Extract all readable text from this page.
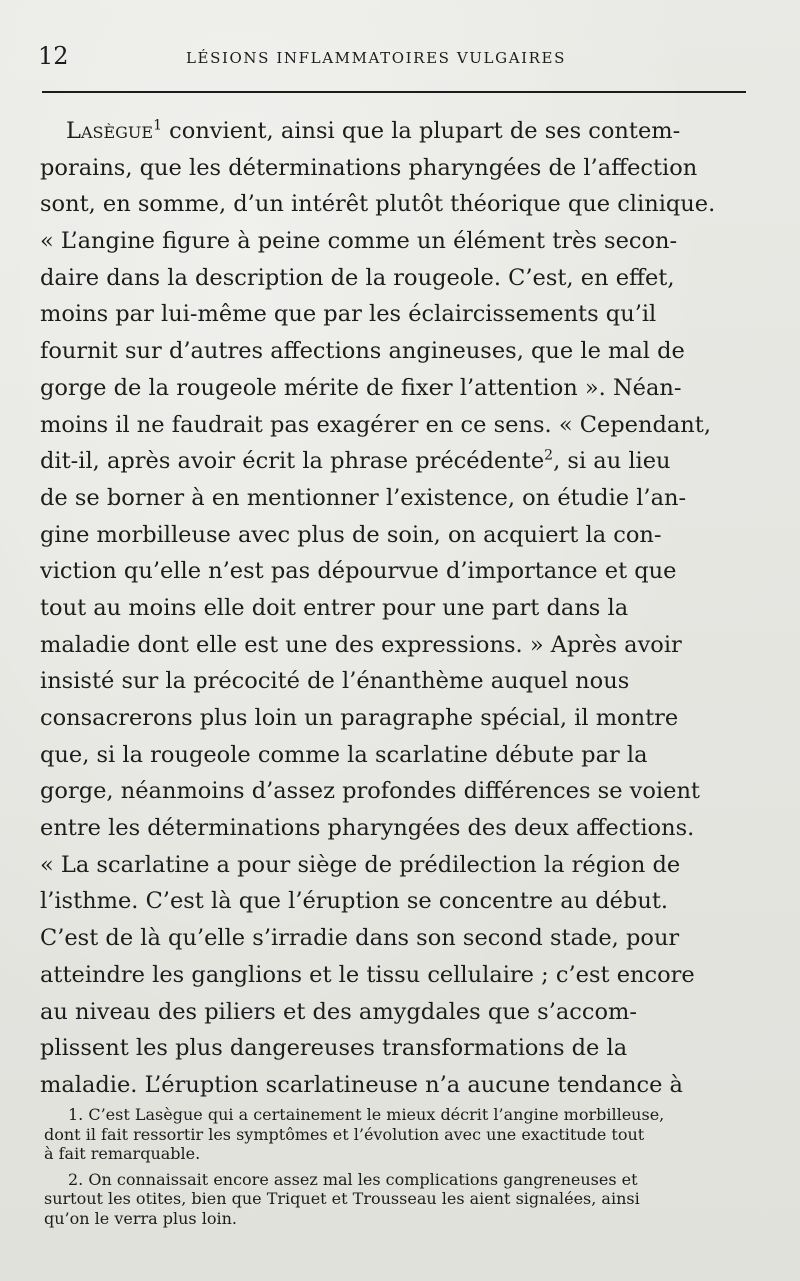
12	LÉSIONS INFLAMMATOIRES VULGAIRES
Lasègue$^1$ convient, ainsi que la plupart de ses contem-
porains, que les déterminations pharyngées de l’affection
sont, en somme, d’un intérêt plutôt théorique que clinique.
« L’angine figure à peine comme un élément très secon-
daire dans la description de la rougeole. C’est, en effet,
moins par lui-même que par les éclaircissements qu’il
fournit sur d’autres affections angineuses, que le mal de
gorge de la rougeole mérite de fixer l’attention ». Néan-
moins il ne faudrait pas exagérer en ce sens. « Cependant,
dit-il, après avoir écrit la phrase précédente$^2$, si au lieu
de se borner à en mentionner l’existence, on étudie l’an-
gine morbilleuse avec plus de soin, on acquiert la con-
viction qu’elle n’est pas dépourvue d’importance et que
tout au moins elle doit entrer pour une part dans la
maladie dont elle est une des expressions. » Après avoir
insisté sur la précocité de l’énanthème auquel nous
consacrerons plus loin un paragraphe spécial, il montre
que, si la rougeole comme la scarlatine débute par la
gorge, néanmoins d’assez profondes différences se voient
entre les déterminations pharyngées des deux affections.
« La scarlatine a pour siège de prédilection la région de
l’isthme. C’est là que l’éruption se concentre au début.
C’est de là qu’elle s’irradie dans son second stade, pour
atteindre les ganglions et le tissu cellulaire ; c’est encore
au niveau des piliers et des amygdales que s’accom-
plissent les plus dangereuses transformations de la
maladie. L’éruption scarlatineuse n’a aucune tendance à
1. C’est Lasègue qui a certainement le mieux décrit l’angine morbilleuse,
dont il fait ressortir les symptômes et l’évolution avec une exactitude tout
à fait remarquable.
2. On connaissait encore assez mal les complications gangreneuses et
surtout les otites, bien que Triquet et Trousseau les aient signalées, ainsi
qu’on le verra plus loin.
